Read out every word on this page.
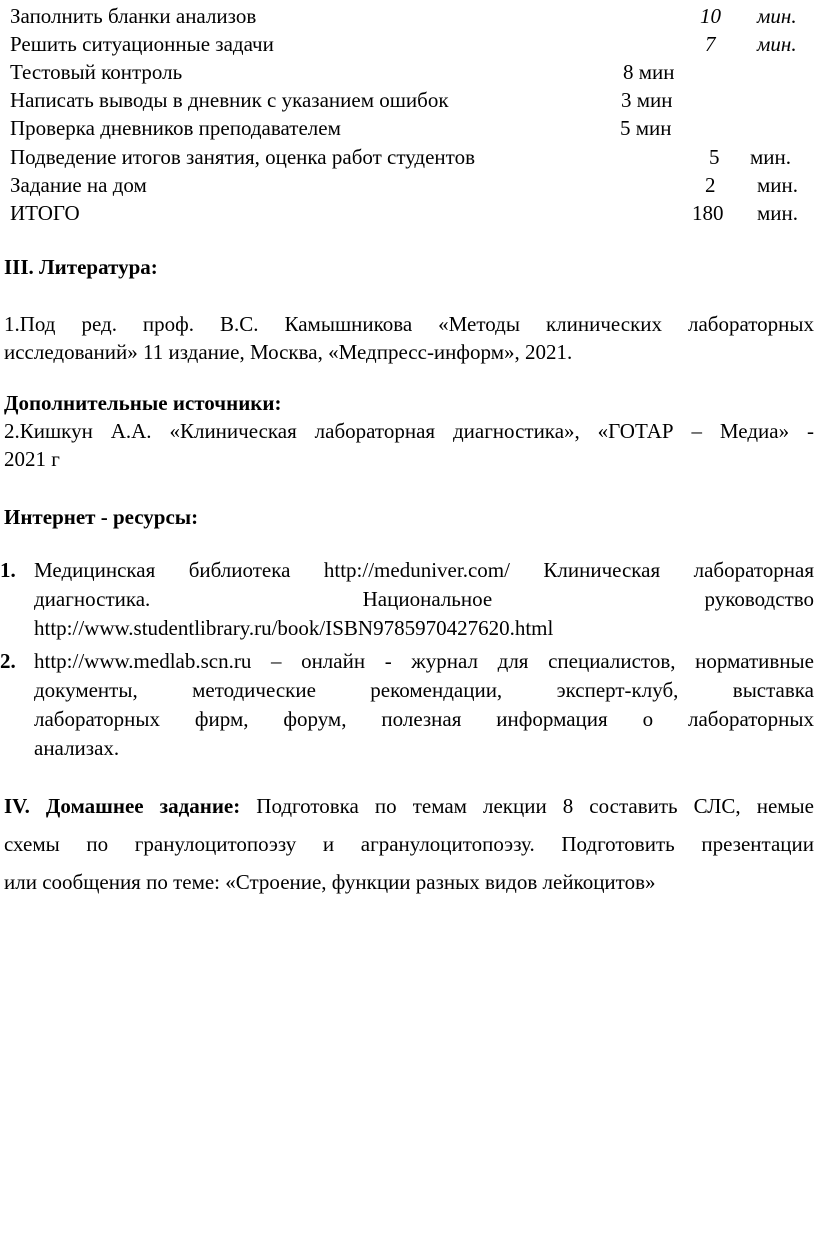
Заполнить бланки анализов	10 мин.
Решить ситуационные задачи	7 мин.
Тестовый контроль	8 мин
Написать выводы в дневник с указанием ошибок	3 мин
Проверка дневников преподавателем	5 мин
Подведение итогов занятия, оценка работ студентов	5 мин.
Задание на дом	2 мин.
ИТОГО	180 мин.
III. Литература:
1.Под ред. проф. В.С. Камышникова «Методы клинических лабораторных
исследований» 11 издание, Москва, «Медпресс-информ», 2021.
Дополнительные источники:
2.Кишкун А.А. «Клиническая лабораторная диагностика», «ГОТАР – Медиа» -
2021 г
Интернет - ресурсы:
1. Медицинская библиотека http://meduniver.com/ Клиническая лабораторная
диагностика. Национальное руководство
http://www.studentlibrary.ru/book/ISBN9785970427620.html
2. http://www.medlab.scn.ru – онлайн - журнал для специалистов, нормативные
документы, методические рекомендации, эксперт-клуб, выставка
лабораторных фирм, форум, полезная информация о лабораторных
анализах.
IV. Домашнее задание: Подготовка по темам лекции 8 составить СЛС, немые
схемы по гранулоцитопоэзу и агранулоцитопоэзу. Подготовить презентации
или сообщения по теме: «Строение, функции разных видов лейкоцитов»
